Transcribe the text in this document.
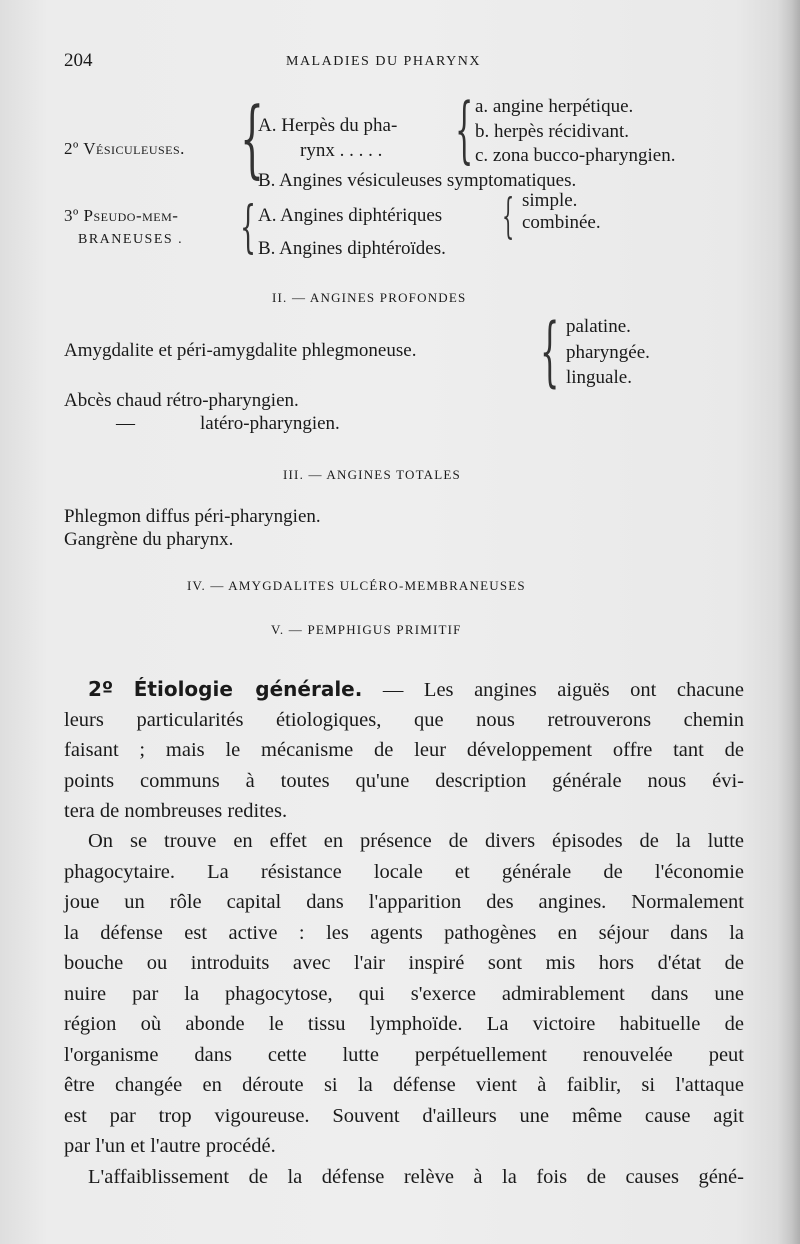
204	MALADIES DU PHARYNX
2º Vésiculeuses. {
A. Herpès du pha-
rynx . . . . . { a. angine herpétique.
b. herpès récidivant.
c. zona bucco-pharyngien.
B. Angines vésiculeuses symptomatiques.
3º Pseudo-mem-
BRANEUSES . { A. Angines diphtériques { simple.
combinée.
B. Angines diphtéroïdes.
II. — ANGINES PROFONDES
Amygdalite et péri-amygdalite phlegmoneuse. { palatine.
pharyngée.
linguale.
Abcès chaud rétro-pharyngien.
—	latéro-pharyngien.
III. — ANGINES TOTALES
Phlegmon diffus péri-pharyngien.
Gangrène du pharynx.
IV. — AMYGDALITES ULCÉRO-MEMBRANEUSES
V. — PEMPHIGUS PRIMITIF
2º Étiologie générale. — Les angines aiguës ont chacune
leurs particularités étiologiques, que nous retrouverons chemin
faisant ; mais le mécanisme de leur développement offre tant de
points communs à toutes qu'une description générale nous évi-
tera de nombreuses redites.
On se trouve en effet en présence de divers épisodes de la lutte
phagocytaire. La résistance locale et générale de l'économie
joue un rôle capital dans l'apparition des angines. Normalement
la défense est active : les agents pathogènes en séjour dans la
bouche ou introduits avec l'air inspiré sont mis hors d'état de
nuire par la phagocytose, qui s'exerce admirablement dans une
région où abonde le tissu lymphoïde. La victoire habituelle de
l'organisme dans cette lutte perpétuellement renouvelée peut
être changée en déroute si la défense vient à faiblir, si l'attaque
est par trop vigoureuse. Souvent d'ailleurs une même cause agit
par l'un et l'autre procédé.
L'affaiblissement de la défense relève à la fois de causes géné-
